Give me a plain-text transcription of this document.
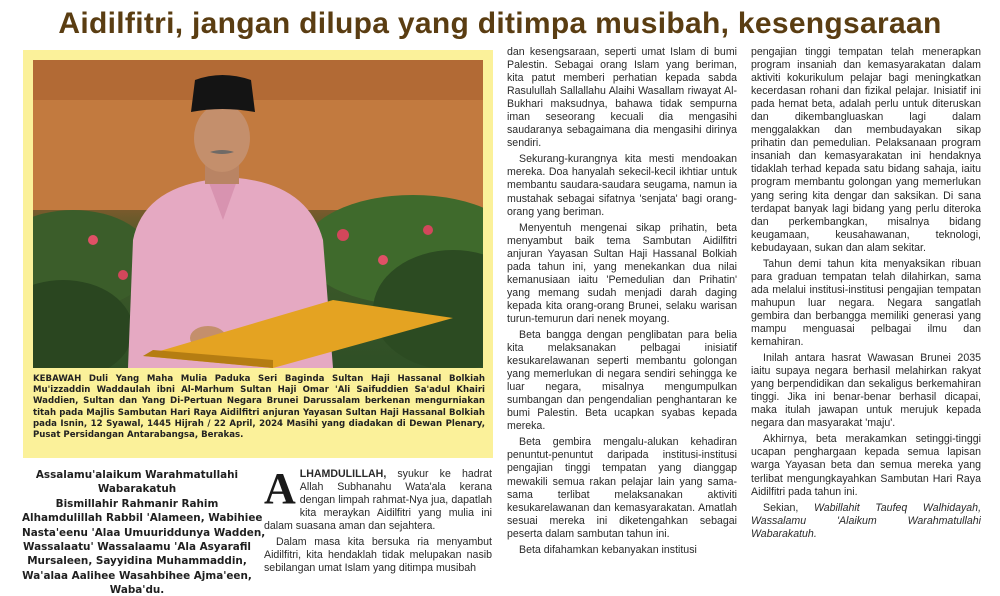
Aidilfitri, jangan dilupa yang ditimpa musibah, kesengsaraan
KEBAWAH Duli Yang Maha Mulia Paduka Seri Baginda Sultan Haji Hassanal Bolkiah Mu'izzaddin Waddaulah ibni Al-Marhum Sultan Haji Omar 'Ali Saifuddien Sa'adul Khairi Waddien, Sultan dan Yang Di-Pertuan Negara Brunei Darussalam berkenan mengurniakan titah pada Majlis Sambutan Hari Raya Aidilfitri anjuran Yayasan Sultan Haji Hassanal Bolkiah pada Isnin, 12 Syawal, 1445 Hijrah / 22 April, 2024 Masihi yang diadakan di Dewan Plenary, Pusat Persidangan Antarabangsa, Berakas.
Assalamu'alaikum Warahmatullahi
Wabarakatuh
Bismillahir Rahmanir Rahim
Alhamdulillah Rabbil 'Alameen, Wabihiee
Nasta'eenu 'Alaa Umuuriddunya Wadden,
Wassalaatu' Wassalaamu 'Ala Asyarafil
Mursaleen, Sayyidina Muhammaddin,
Wa'alaa Aalihee Wasahbihee Ajma'een,
Waba'du.

ALHAMDULILLAH, syukur ke hadrat Allah Subhanahu Wata'ala kerana dengan limpah rahmat-Nya jua, dapatlah kita meraykan Aidilfitri yang mulia ini dalam suasana aman dan sejahtera.

Dalam masa kita bersuka ria menyambut Aidilfitri, kita hendaklah tidak melupakan nasib sebilangan umat Islam yang ditimpa musibah

dan kesengsaraan, seperti umat Islam di bumi Palestin. Sebagai orang Islam yang beriman, kita patut memberi perhatian kepada sabda Rasulullah Sallallahu Alaihi Wasallam riwayat Al-Bukhari maksudnya, bahawa tidak sempurna iman seseorang kecuali dia mengasihi saudaranya sebagaimana dia mengasihi dirinya sendiri.

Sekurang-kurangnya kita mesti mendoakan mereka. Doa hanyalah sekecil-kecil ikhtiar untuk membantu saudara-saudara seugama, namun ia mustahak sebagai sifatnya 'senjata' bagi orang-orang yang beriman.

Menyentuh mengenai sikap prihatin, beta menyambut baik tema Sambutan Aidilfitri anjuran Yayasan Sultan Haji Hassanal Bolkiah pada tahun ini, yang menekankan dua nilai kemanusiaan iaitu 'Pemedulian dan Prihatin' yang memang sudah menjadi darah daging kepada kita orang-orang Brunei, selaku warisan turun-temurun dari nenek moyang.

Beta bangga dengan penglibatan para belia kita melaksanakan pelbagai inisiatif kesukarelawanan seperti membantu golongan yang memerlukan di negara sendiri sehingga ke luar negara, misalnya mengumpulkan sumbangan dan pengendalian penghantaran ke bumi Palestin. Beta ucapkan syabas kepada mereka.

Beta gembira mengalu-alukan kehadiran penuntut-penuntut daripada institusi-institusi pengajian tinggi tempatan yang dianggap mewakili semua rakan pelajar lain yang sama-sama terlibat melaksanakan aktiviti kesukarelawanan dan kemasyarakatan. Amatlah sesuai mereka ini diketengahkan sebagai peserta dalam sambutan tahun ini.

Beta difahamkan kebanyakan institusi

pengajian tinggi tempatan telah menerapkan program insaniah dan kemasyarakatan dalam aktiviti kokurikulum pelajar bagi meningkatkan kecerdasan rohani dan fizikal pelajar. Inisiatif ini pada hemat beta, adalah perlu untuk diteruskan dan dikembangluaskan lagi dalam menggalakkan dan membudayakan sikap prihatin dan pemedulian. Pelaksanaan program insaniah dan kemasyarakatan ini hendaknya tidaklah terhad kepada satu bidang sahaja, iaitu program membantu golongan yang memerlukan yang sering kita dengar dan saksikan. Di sana terdapat banyak lagi bidang yang perlu diteroka dan perkembangkan, misalnya bidang keugamaan, keusahawanan, teknologi, kebudayaan, sukan dan alam sekitar.

Tahun demi tahun kita menyaksikan ribuan para graduan tempatan telah dilahirkan, sama ada melalui institusi-institusi pengajian tempatan mahupun luar negara. Negara sangatlah gembira dan berbangga memiliki generasi yang mampu menguasai pelbagai ilmu dan kemahiran.

Inilah antara hasrat Wawasan Brunei 2035 iaitu supaya negara berhasil melahirkan rakyat yang berpendidikan dan sekaligus berkemahiran tinggi. Jika ini benar-benar berhasil dicapai, maka itulah jawapan untuk merujuk kepada negara dan masyarakat 'maju'.

Akhirnya, beta merakamkan setinggi-tinggi ucapan penghargaan kepada semua lapisan warga Yayasan beta dan semua mereka yang terlibat mengungkayahkan Sambutan Hari Raya Aidilfitri pada tahun ini.

Sekian, Wabillahit Taufeq Walhidayah, Wassalamu 'Alaikum Warahmatullahi Wabarakatuh.
